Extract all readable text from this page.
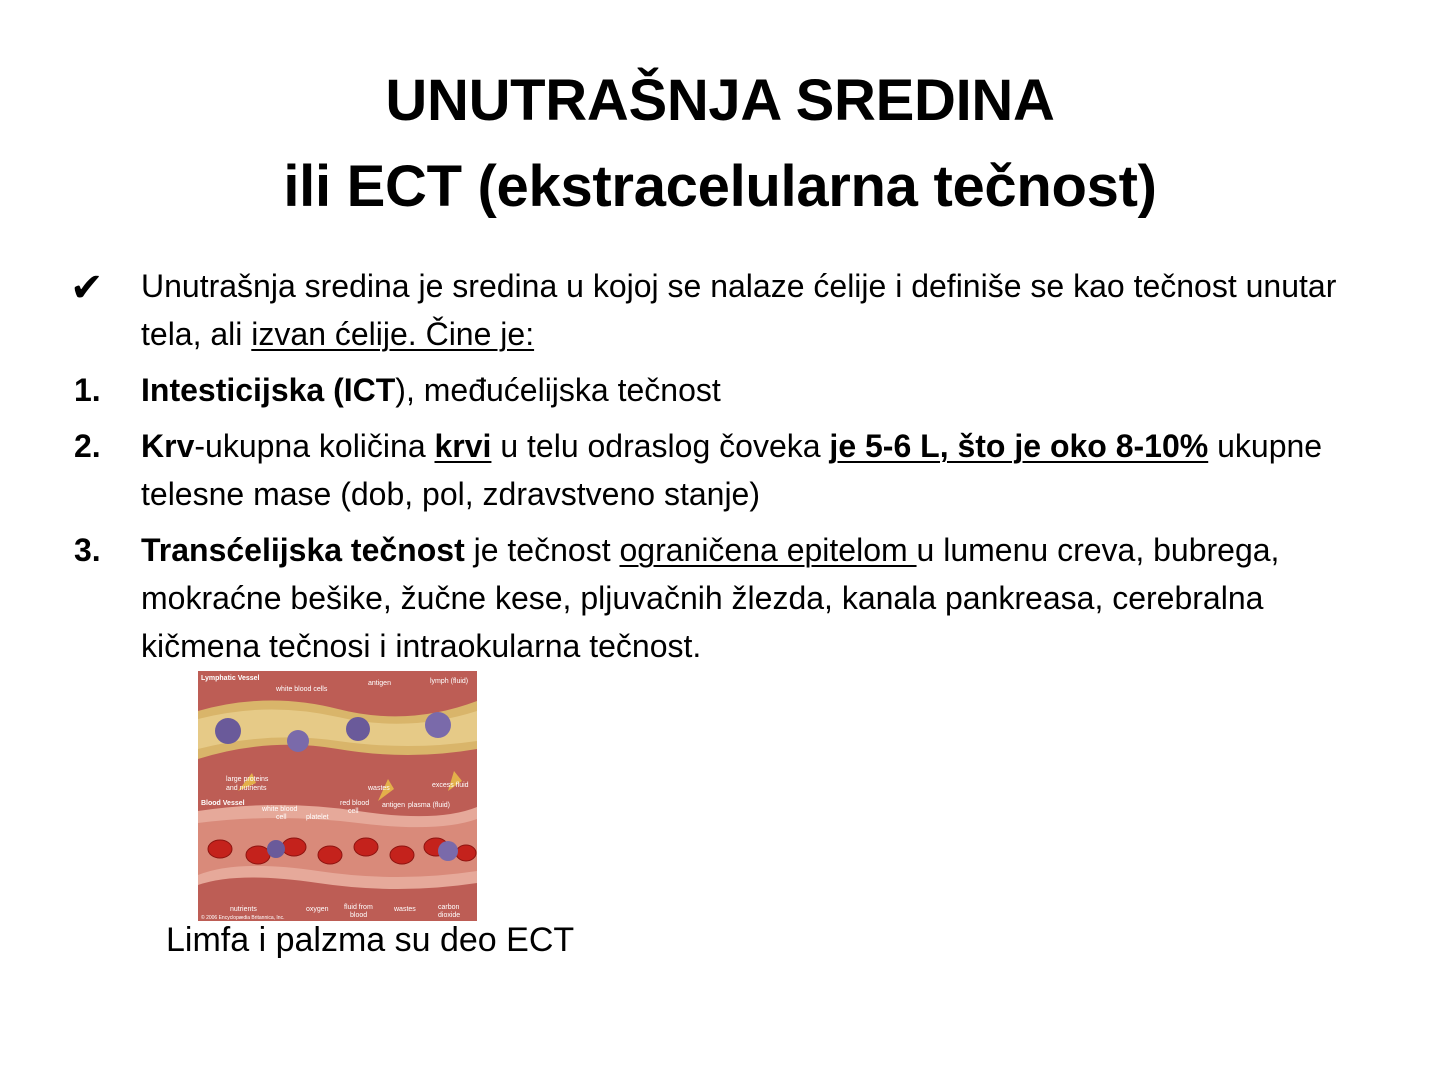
UNUTRAŠNJA SREDINA
ili ECT (ekstracelularna tečnost)
✔ Unutrašnja sredina je sredina u kojoj se nalaze ćelije i definiše se kao tečnost unutar tela, ali izvan ćelije. Čine je:
1. Intesticijska (ICT), međućelijska tečnost
2. Krv-ukupna količina krvi u telu odraslog čoveka je 5-6 L, što je oko 8-10% ukupne telesne mase (dob, pol, zdravstveno stanje)
3. Transćelijska tečnost je tečnost ograničena epitelom u lumenu creva, bubrega, mokraćne bešike, žučne kese, pljuvačnih žlezda, kanala pankreasa, cerebralna kičmena tečnosi i intraokularna tečnost.
Lymphatic Vessel
white blood cells
antigen	lymph (fluid)
large proteins
and nutrients	wastes	excess fluid
Blood Vessel
white blood
cell	platelet
red blood
cell
antigen plasma (fluid)
nutrients	oxygen fluid from
blood
wastes	carbon
dioxide
© 2006 Encyclopædia Britannica, Inc.
Limfa i palzma su deo ECT
